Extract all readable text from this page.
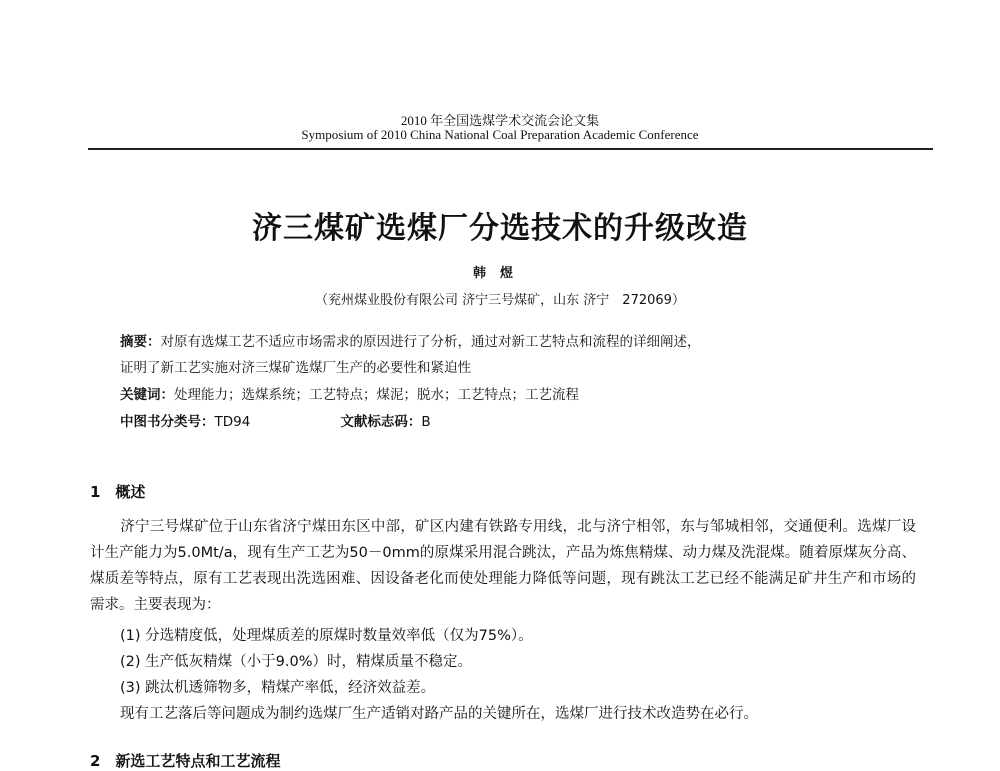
2010 年全国选煤学术交流会论文集
Symposium of 2010 China National Coal Preparation Academic Conference
济三煤矿选煤厂分选技术的升级改造
韩煜
（兖州煤业股份有限公司 济宁三号煤矿，山东 济宁　272069）
摘要：对原有选煤工艺不适应市场需求的原因进行了分析，通过对新工艺特点和流程的详细阐述，
证明了新工艺实施对济三煤矿选煤厂生产的必要性和紧迫性
关键词：处理能力；选煤系统；工艺特点；煤泥；脱水；工艺特点；工艺流程
中图书分类号：TD94	文献标志码：B
1　概述
济宁三号煤矿位于山东省济宁煤田东区中部，矿区内建有铁路专用线，北与济宁相邻，东与邹城相邻，交通便利。选煤厂设计生产能力为5.0Mt/a，现有生产工艺为50－0mm的原煤采用混合跳汰，产品为炼焦精煤、动力煤及洗混煤。随着原煤灰分高、煤质差等特点，原有工艺表现出洗选困难、因设备老化而使处理能力降低等问题，现有跳汰工艺已经不能满足矿井生产和市场的需求。主要表现为：
(1) 分选精度低，处理煤质差的原煤时数量效率低（仅为75%）。
(2) 生产低灰精煤（小于9.0%）时，精煤质量不稳定。
(3) 跳汰机透筛物多，精煤产率低，经济效益差。
现有工艺落后等问题成为制约选煤厂生产适销对路产品的关键所在，选煤厂进行技术改造势在必行。
2　新选工艺特点和工艺流程
